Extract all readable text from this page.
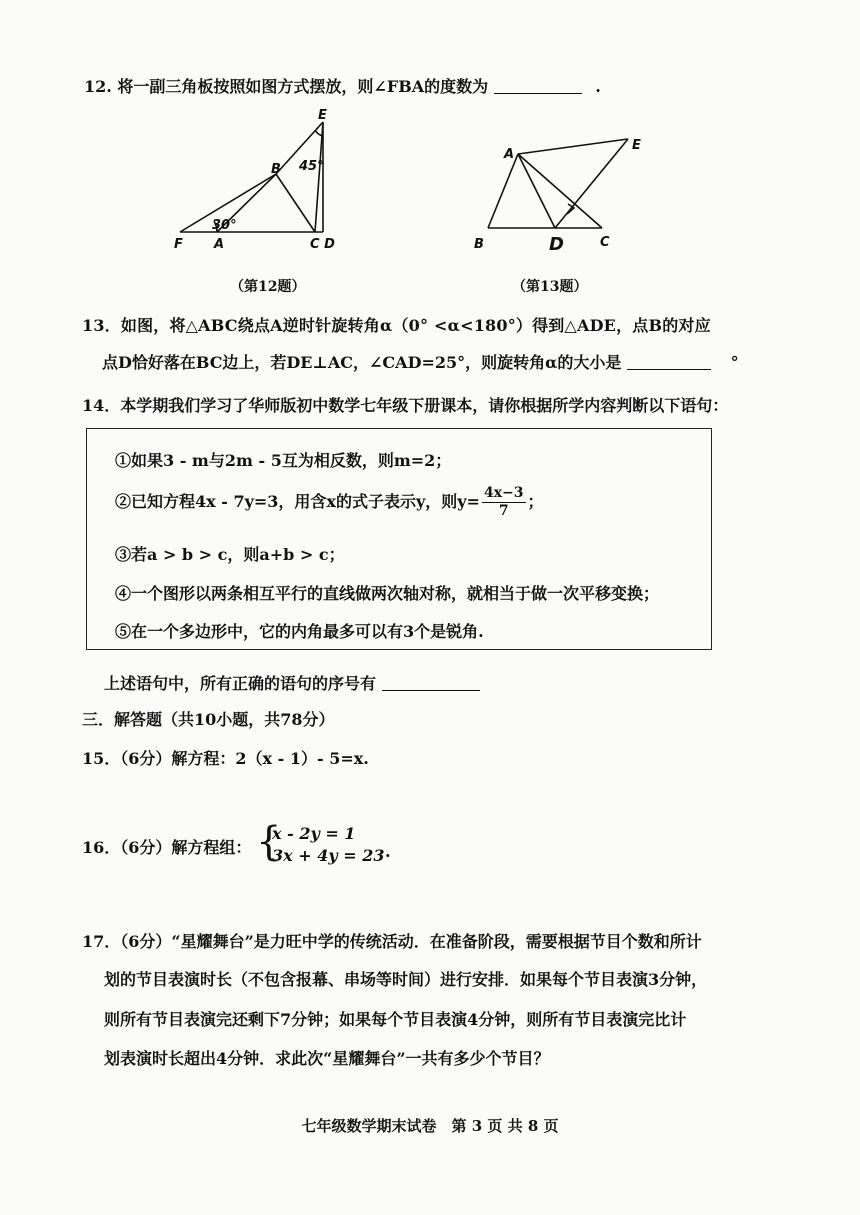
12. 将一副三角板按照如图方式摆放，则∠FBA的度数为	.
E
B 45°
30°
F A	C D
（第12题）
A
E
B	D	C
（第13题）
13．如图，将△ABC绕点A逆时针旋转角α（0° <α<180°）得到△ADE，点B的对应
点D恰好落在BC边上，若DE⊥AC，∠CAD=25°，则旋转角α的大小是	°
14．本学期我们学习了华师版初中数学七年级下册课本，请你根据所学内容判断以下语句：
①如果3 - m与2m - 5互为相反数，则m=2；
②已知方程4x - 7y=3，用含x的式子表示y，则$y= \frac{4x-3}{7}$ ；
③若a > b > c，则a+b > c；
④一个图形以两条相互平行的直线做两次轴对称，就相当于做一次平移变换；
⑤在一个多边形中，它的内角最多可以有3个是锐角.
上述语句中，所有正确的语句的序号有
三．解答题（共10小题，共78分）
15．（6分）解方程：2（x - 1）- 5=x.
16．（6分）解方程组： {
x - 2y = 1
3x + 4y = 23 .
17．（6分）“星耀舞台”是力旺中学的传统活动．在准备阶段，需要根据节目个数和所计
划的节目表演时长（不包含报幕、串场等时间）进行安排．如果每个节目表演3分钟，
则所有节目表演完还剩下7分钟；如果每个节目表演4分钟，则所有节目表演完比计
划表演时长超出4分钟．求此次“星耀舞台”一共有多少个节目？
七年级数学期末试卷　第 3 页 共 8 页
